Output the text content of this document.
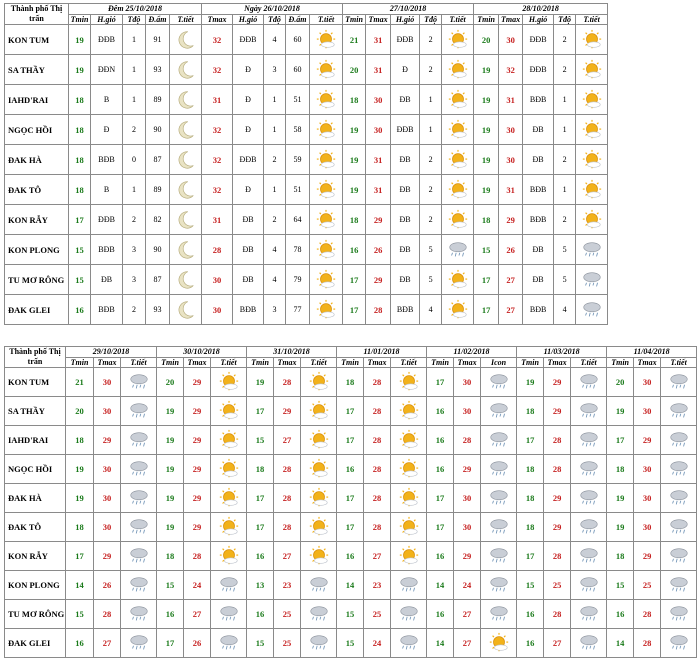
Thành phố Thị trấn	Đêm 25/10/2018					Ngày 26/10/2018					27/10/2018					28/10/2018				
	Tmin	H.gió	Tđộ	Đ.ẩm	T.tiết	Tmax	H.gió	Tđộ	Đ.ẩm	T.tiết	Tmin	Tmax	H.gió	Tđộ	T.tiết	Tmin	Tmax	H.gió	Tđộ	T.tiết
KON TUM	19	ĐĐB	1	91		32	ĐĐB	4	60		21	31	ĐĐB	2		20	30	ĐĐB	2	

SA THẦY	19	ĐĐN	1	93		32	Đ	3	60		20	31	Đ	2		19	32	ĐĐB	2	

IAHD'RAI	18	B	1	89		31	Đ	1	51		18	30	ĐB	1		19	31	BĐB	1	

NGỌC HỒI	18	Đ	2	90		32	Đ	1	58		19	30	ĐĐB	1		19	30	ĐB	1	

ĐAK HÀ	18	BĐB	0	87		32	ĐĐB	2	59		19	31	ĐB	2		19	30	ĐB	2	

ĐAK TÔ	18	B	1	89		32	Đ	1	51		19	31	ĐB	2		19	31	BĐB	1	

KON RẪY	17	ĐĐB	2	82		31	ĐB	2	64		18	29	ĐB	2		18	29	BĐB	2	

KON PLONG	15	BĐB	3	90		28	ĐB	4	78		16	26	ĐB	5		15	26	ĐB	5	

TU MƠ RÔNG	15	ĐB	3	87		30	ĐB	4	79		17	29	ĐB	5		17	27	ĐB	5	

ĐAK GLEI	16	BĐB	2	93		30	BĐB	3	77		17	28	BĐB	4		17	27	BĐB	4	
Thành phố Thị trấn	29/10/2018			30/10/2018			31/10/2018			11/01/2018			11/02/2018			11/03/2018			11/04/2018		
	Tmin	Tmax	T.tiết	Tmin	Tmax	T.tiết	Tmin	Tmax	T.tiết	Tmin	Tmax	T.tiết	Tmin	Tmax	Icon	Tmin	Tmax	T.tiết	Tmin	Tmax	T.tiết
KON TUM	21	30		20	29		19	28		18	28		17	30		19	29		20	30	

SA THẦY	20	30		19	29		17	29		17	28		16	30		18	29		19	30	

IAHD'RAI	18	29		19	29		15	27		17	28		16	28		17	28		17	29	

NGỌC HỒI	19	30		19	29		18	28		16	28		16	29		18	28		18	30	

ĐAK HÀ	19	30		19	29		17	28		17	28		17	30		18	29		19	30	

ĐAK TÔ	18	30		19	29		17	28		17	28		17	30		18	29		19	30	

KON RẪY	17	29		18	28		16	27		16	27		16	29		17	28		18	29	

KON PLONG	14	26		15	24		13	23		14	23		14	24		15	25		15	25	

TU MƠ RÔNG	15	28		16	27		16	25		15	25		16	27		16	28		16	28	

ĐAK GLEI	16	27		17	26		15	25		15	24		14	27		16	27		14	28	
